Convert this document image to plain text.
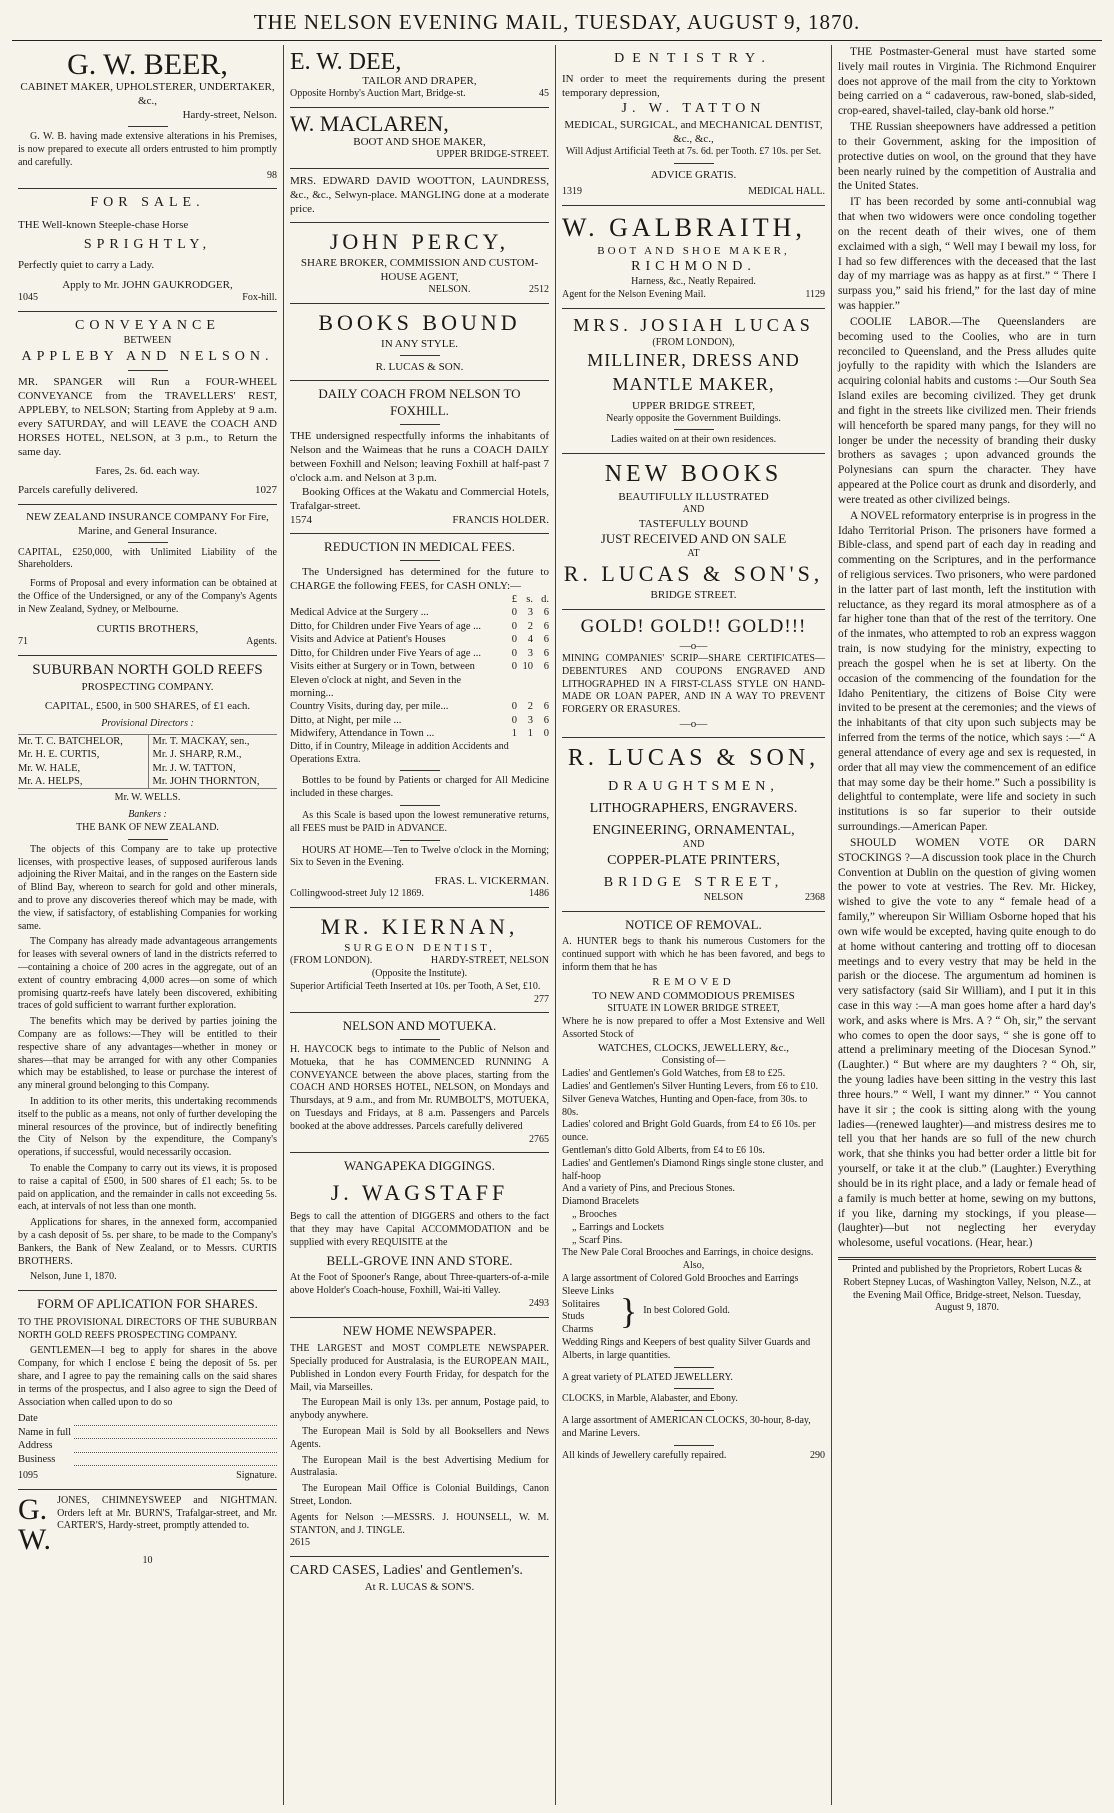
THE NELSON EVENING MAIL, TUESDAY, AUGUST 9, 1870.
G. W. BEER,
CABINET MAKER, UPHOLSTERER, UNDERTAKER, &c.,
Hardy-street, Nelson.
G. W. B. having made extensive alterations in his Premises, is now prepared to execute all orders entrusted to him promptly and carefully.
98
FOR SALE.
THE Well-known Steeple-chase Horse
SPRIGHTLY,
Perfectly quiet to carry a Lady.
Apply to Mr. JOHN GAUKRODGER,
1045	Fox-hill.
CONVEYANCE
BETWEEN
APPLEBY AND NELSON.
MR. SPANGER will Run a FOUR-WHEEL CONVEYANCE from the TRAVELLERS' REST, APPLEBY, to NELSON; Starting from Appleby at 9 a.m. every SATURDAY, and will LEAVE the COACH AND HORSES HOTEL, NELSON, at 3 p.m., to Return the same day.
Fares, 2s. 6d. each way.
Parcels carefully delivered.	1027
NEW ZEALAND INSURANCE COMPANY For Fire, Marine, and General Insurance.
CAPITAL, £250,000, with Unlimited Liability of the Shareholders.
Forms of Proposal and every information can be obtained at the Office of the Undersigned, or any of the Company's Agents in New Zealand, Sydney, or Melbourne.
CURTIS BROTHERS,
71	Agents.
SUBURBAN NORTH GOLD REEFS
PROSPECTING COMPANY.
CAPITAL, £500, in 500 SHARES, of £1 each.
Provisional Directors :
Mr. T. C. BATCHELOR,	Mr. T. MACKAY, sen.,
Mr. H. E. CURTIS,	Mr. J. SHARP, R.M.,
Mr. W. HALE,	Mr. J. W. TATTON,
Mr. A. HELPS,	Mr. JOHN THORNTON,
Mr. W. WELLS.
Bankers :
THE BANK OF NEW ZEALAND.
The objects of this Company are to take up protective licenses, with prospective leases, of supposed auriferous lands adjoining the River Maitai, and in the ranges on the Eastern side of Blind Bay, whereon to search for gold and other minerals, and to prove any discoveries thereof which may be made, with the view, if satisfactory, of establishing Companies for working same.
The Company has already made advantageous arrangements for leases with several owners of land in the districts referred to—containing a choice of 200 acres in the aggregate, out of an extent of country embracing 4,000 acres—on some of which promising quartz-reefs have lately been discovered, exhibiting traces of gold sufficient to warrant further exploration.
The benefits which may be derived by parties joining the Company are as follows:—They will be entitled to their respective share of any advantages—whether in money or shares—that may be arranged for with any other Companies which may be established, to lease or purchase the interest of any mineral ground belonging to this Company.
In addition to its other merits, this undertaking recommends itself to the public as a means, not only of further developing the mineral resources of the province, but of indirectly benefiting the City of Nelson by the expenditure, the Company's operations, if successful, would necessarily occasion.
To enable the Company to carry out its views, it is proposed to raise a capital of £500, in 500 shares of £1 each; 5s. to be paid on application, and the remainder in calls not exceeding 5s. each, at intervals of not less than one month.
Applications for shares, in the annexed form, accompanied by a cash deposit of 5s. per share, to be made to the Company's Bankers, the Bank of New Zealand, or to Messrs. CURTIS BROTHERS.
Nelson, June 1, 1870.
FORM OF APLICATION FOR SHARES.
TO THE PROVISIONAL DIRECTORS OF THE SUBURBAN NORTH GOLD REEFS PROSPECTING COMPANY.
GENTLEMEN—I beg to apply for shares in the above Company, for which I enclose £ being the deposit of 5s. per share, and I agree to pay the remaining calls on the said shares in terms of the prospectus, and I also agree to sign the Deed of Association when called upon to do so
Date
Name in full
Address
Business
1095	Signature.
G. W.
JONES, CHIMNEYSWEEP and NIGHTMAN. Orders left at Mr. BURN'S, Trafalgar-street, and Mr. CARTER'S, Hardy-street, promptly attended to.
10
E. W. DEE,
TAILOR AND DRAPER,
Opposite Hornby's Auction Mart, Bridge-st.	45
W. MACLAREN,
BOOT AND SHOE MAKER,
UPPER BRIDGE-STREET.
MRS. EDWARD DAVID WOOTTON, LAUNDRESS, &c., &c., Selwyn-place. MANGLING done at a moderate price.
JOHN PERCY,
SHARE BROKER, COMMISSION AND CUSTOM-HOUSE AGENT,
NELSON.	2512
BOOKS BOUND
IN ANY STYLE.
R. LUCAS & SON.
DAILY COACH FROM NELSON TO FOXHILL.
THE undersigned respectfully informs the inhabitants of Nelson and the Waimeas that he runs a COACH DAILY between Foxhill and Nelson; leaving Foxhill at half-past 7 o'clock a.m. and Nelson at 3 p.m.
Booking Offices at the Wakatu and Commercial Hotels, Trafalgar-street.
1574	FRANCIS HOLDER.
REDUCTION IN MEDICAL FEES.
The Undersigned has determined for the future to CHARGE the following FEES, for CASH ONLY:—
£ s. d.
Medical Advice at the Surgery ...	0	3	6
Ditto, for Children under Five Years of age ...	0	2	6
Visits and Advice at Patient's Houses	0	4	6
Ditto, for Children under Five Years of age ...	0	3	6
Visits either at Surgery or in Town, between Eleven o'clock at night, and Seven in the morning...
0 10	6
Country Visits, during day, per mile...	0	2	6
Ditto, at Night, per mile ...	0	3	6
Midwifery, Attendance in Town ...	1	1	0
Ditto, if in Country, Mileage in addition Accidents and Operations Extra.
Bottles to be found by Patients or charged for All Medicine included in these charges.
As this Scale is based upon the lowest remunerative returns, all FEES must be PAID in ADVANCE.
HOURS AT HOME—Ten to Twelve o'clock in the Morning; Six to Seven in the Evening.
FRAS. L. VICKERMAN.
Collingwood-street July 12 1869.	1486
MR. KIERNAN,
SURGEON DENTIST,
(FROM LONDON).	HARDY-STREET, NELSON
(Opposite the Institute).
Superior Artificial Teeth Inserted at 10s. per Tooth, A Set, £10.
277
NELSON AND MOTUEKA.
H. HAYCOCK begs to intimate to the Public of Nelson and Motueka, that he has COMMENCED RUNNING A CONVEYANCE between the above places, starting from the COACH AND HORSES HOTEL, NELSON, on Mondays and Thursdays, at 9 a.m., and from Mr. RUMBOLT'S, MOTUEKA, on Tuesdays and Fridays, at 8 a.m. Passengers and Parcels booked at the above addresses. Parcels carefully delivered
2765
WANGAPEKA DIGGINGS.
J. WAGSTAFF
Begs to call the attention of DIGGERS and others to the fact that they may have Capital ACCOMMODATION and be supplied with every REQUISITE at the
BELL-GROVE INN AND STORE.
At the Foot of Spooner's Range, about Three-quarters-of-a-mile above Holder's Coach-house, Foxhill, Wai-iti Valley.
2493
NEW HOME NEWSPAPER.
THE LARGEST and MOST COMPLETE NEWSPAPER. Specially produced for Australasia, is the EUROPEAN MAIL, Published in London every Fourth Friday, for despatch for the Mail, via Marseilles.
The European Mail is only 13s. per annum, Postage paid, to anybody anywhere.
The European Mail is Sold by all Booksellers and News Agents.
The European Mail is the best Advertising Medium for Australasia.
The European Mail Office is Colonial Buildings, Canon Street, London.
Agents for Nelson :—MESSRS. J. HOUNSELL, W. M. STANTON, and J. TINGLE.
2615
CARD CASES, Ladies' and Gentlemen's.
At R. LUCAS & SON'S.
DENTISTRY.
IN order to meet the requirements during the present temporary depression,
J. W. TATTON
MEDICAL, SURGICAL, and MECHANICAL DENTIST, &c., &c.,
Will Adjust Artificial Teeth at 7s. 6d. per Tooth. £7 10s. per Set.
ADVICE GRATIS.
1319	MEDICAL HALL.
W. GALBRAITH,
BOOT AND SHOE MAKER,
RICHMOND.
Harness, &c., Neatly Repaired.
Agent for the Nelson Evening Mail.	1129
MRS. JOSIAH LUCAS
(FROM LONDON),
MILLINER, DRESS AND MANTLE MAKER,
UPPER BRIDGE STREET,
Nearly opposite the Government Buildings.
Ladies waited on at their own residences.
NEW BOOKS
BEAUTIFULLY ILLUSTRATED
AND
TASTEFULLY BOUND
JUST RECEIVED AND ON SALE
AT
R. LUCAS & SON'S,
BRIDGE STREET.
GOLD! GOLD!! GOLD!!!
—o—
MINING COMPANIES' SCRIP—SHARE CERTIFICATES—DEBENTURES AND COUPONS ENGRAVED AND LITHOGRAPHED IN A FIRST-CLASS STYLE ON HAND-MADE OR LOAN PAPER, AND IN A WAY TO PREVENT FORGERY OR ERASURES.
—o—
R. LUCAS & SON,
DRAUGHTSMEN,
LITHOGRAPHERS, ENGRAVERS.
ENGINEERING, ORNAMENTAL,
AND
COPPER-PLATE PRINTERS,
BRIDGE STREET,
NELSON	2368
NOTICE OF REMOVAL.
A. HUNTER begs to thank his numerous Customers for the continued support with which he has been favored, and begs to inform them that he has
REMOVED
TO NEW AND COMMODIOUS PREMISES
SITUATE IN LOWER BRIDGE STREET,
Where he is now prepared to offer a Most Extensive and Well Assorted Stock of
WATCHES, CLOCKS, JEWELLERY, &c.,
Consisting of—
Ladies' and Gentlemen's Gold Watches, from £8 to £25.
Ladies' and Gentlemen's Silver Hunting Levers, from £6 to £10.
Silver Geneva Watches, Hunting and Open-face, from 30s. to 80s.
Ladies' colored and Bright Gold Guards, from £4 to £6 10s. per ounce.
Gentleman's ditto Gold Alberts, from £4 to £6 10s.
Ladies' and Gentlemen's Diamond Rings single stone cluster, and half-hoop
And a variety of Pins, and Precious Stones.
Diamond Bracelets
„ Brooches
„ Earrings and Lockets
„ Scarf Pins.
The New Pale Coral Brooches and Earrings, in choice designs.
Also,
A large assortment of Colored Gold Brooches and Earrings
Sleeve Links
Solitaires
Studs
Charms } In best Colored Gold.
Wedding Rings and Keepers of best quality Silver Guards and Alberts, in large quantities.
A great variety of PLATED JEWELLERY.
CLOCKS, in Marble, Alabaster, and Ebony.
A large assortment of AMERICAN CLOCKS, 30-hour, 8-day, and Marine Levers.
All kinds of Jewellery carefully repaired.	290

THE Postmaster-General must have started some lively mail routes in Virginia. The Richmond Enquirer does not approve of the mail from the city to Yorktown being carried on a “ cadaverous, raw-boned, slab-sided, crop-eared, shavel-tailed, clay-bank old horse.”

THE Russian sheepowners have addressed a petition to their Government, asking for the imposition of protective duties on wool, on the ground that they have been nearly ruined by the competition of Australia and the United States.

IT has been recorded by some anti-connubial wag that when two widowers were once condoling together on the recent death of their wives, one of them exclaimed with a sigh, “ Well may I bewail my loss, for I had so few differences with the deceased that the last day of my marriage was as happy as at first.” “ There I surpass you,” said his friend,” for the last day of mine was happier.”

COOLIE LABOR.—The Queenslanders are becoming used to the Coolies, who are in turn reconciled to Queensland, and the Press alludes quite joyfully to the rapidity with which the Islanders are acquiring colonial habits and customs :—Our South Sea Island exiles are becoming civilized. They get drunk and fight in the streets like civilized men. Their friends will henceforth be spared many pangs, for they will no longer be under the necessity of branding their dusky brothers as savages ; upon advanced grounds the Polynesians can spurn the character. They have appeared at the Police court as drunk and disorderly, and were treated as other civilized beings.

A NOVEL reformatory enterprise is in progress in the Idaho Territorial Prison. The prisoners have formed a Bible-class, and spend part of each day in reading and commenting on the Scriptures, and in the performance of religious services. Two prisoners, who were pardoned in the latter part of last month, left the institution with reluctance, as they regard its moral atmosphere as of a far higher tone than that of the rest of the territory. One of the inmates, who attempted to rob an express waggon train, is now studying for the ministry, expecting to preach the gospel when he is set at liberty. On the occasion of the commencing of the foundation for the Idaho Penitentiary, the citizens of Boise City were invited to be present at the ceremonies; and the views of the inhabitants of that city upon such subjects may be inferred from the terms of the notice, which says :—“ A general attendance of every age and sex is requested, in order that all may view the commencement of an edifice that may some day be their home.” Such a possibility is delightful to contemplate, were life and society in such institutions is so far superior to their outside surroundings.—American Paper.

SHOULD WOMEN VOTE OR DARN STOCKINGS ?—A discussion took place in the Church Convention at Dublin on the question of giving women the power to vote at vestries. The Rev. Mr. Hickey, wished to give the vote to any “ female head of a family,” whereupon Sir William Osborne hoped that his own wife would be excepted, having quite enough to do at home without cantering and trotting off to diocesan meetings and to every vestry that may be held in the parish or the diocese. The argumentum ad hominen is very satisfactory (said Sir William), and I put it in this case in this way :—A man goes home after a hard day's work, and asks where is Mrs. A ? “ Oh, sir,” the servant who comes to open the door says, “ she is gone off to attend a preliminary meeting of the Diocesan Synod.” (Laughter.) “ But where are my daughters ? “ Oh, sir, the young ladies have been sitting in the vestry this last three hours.” “ Well, I want my dinner.” “ You cannot have it sir ; the cook is sitting along with the young ladies—(renewed laughter)—and mistress desires me to tell you that her hands are so full of the new church work, that she thinks you had better order a little bit for yourself, or take it at the club.” (Laughter.) Everything should be in its right place, and a lady or female head of a family is much better at home, sewing on my buttons, if you like, darning my stockings, if you please—(laughter)—but not neglecting her everyday wholesome, useful vocations. (Hear, hear.)

Printed and published by the Proprietors, Robert Lucas & Robert Stepney Lucas, of Washington Valley, Nelson, N.Z., at the Evening Mail Office, Bridge-street, Nelson. Tuesday, August 9, 1870.
